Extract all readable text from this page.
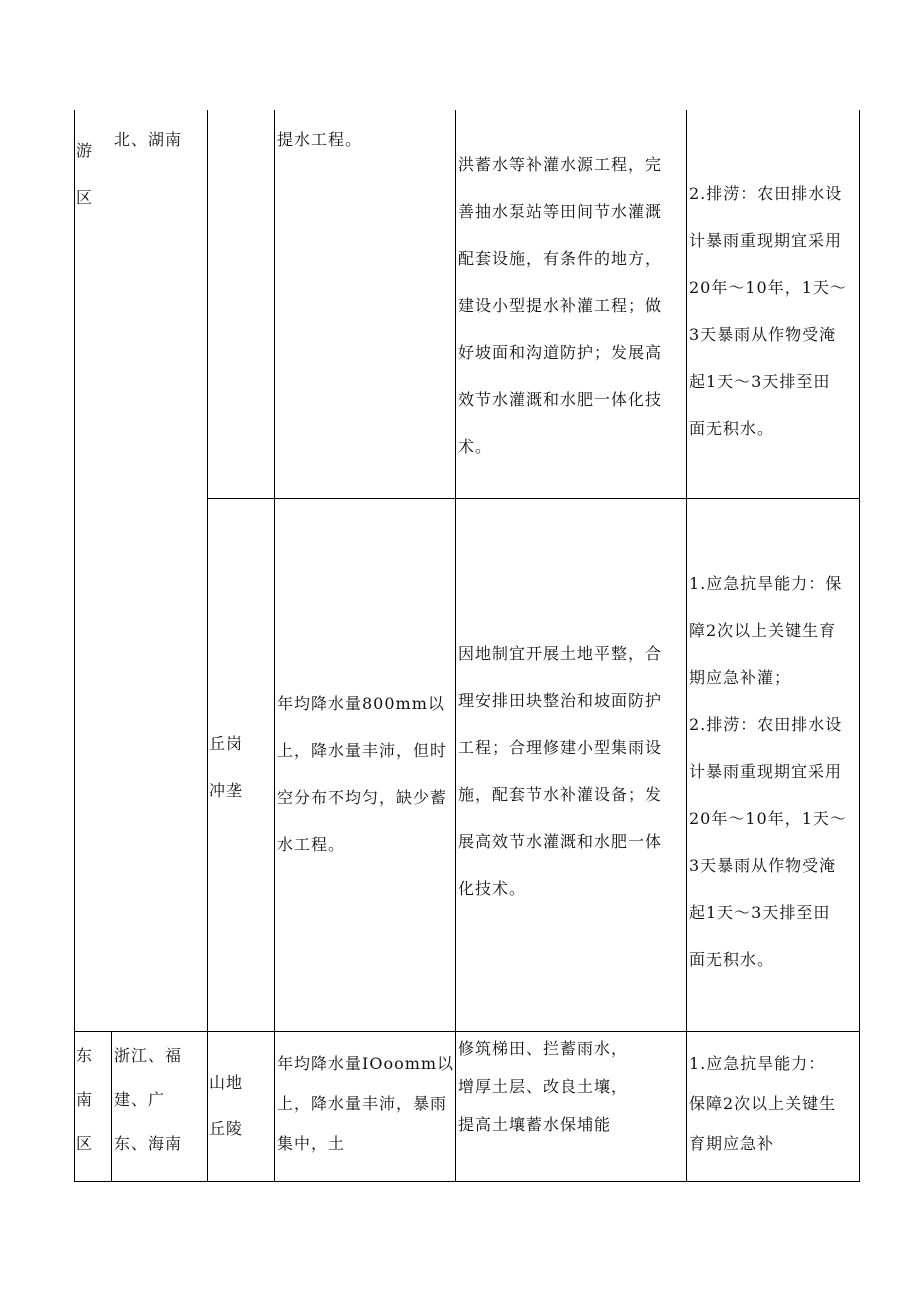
游
区
北、湖南	提水工程。
洪蓄水等补灌水源工程，完
善抽水泵站等田间节水灌溉
配套设施，有条件的地方，
建设小型提水补灌工程；做
好坡面和沟道防护；发展高
效节水灌溉和水肥一体化技
术。
2.排涝：农田排水设
计暴雨重现期宜采用
20年～10年，1天～
3天暴雨从作物受淹
起1天～3天排至田
面无积水。
丘岗
冲垄
年均降水量800mm以
上，降水量丰沛，但时
空分布不均匀，缺少蓄
水工程。
因地制宜开展土地平整，合
理安排田块整治和坡面防护
工程；合理修建小型集雨设
施，配套节水补灌设备；发
展高效节水灌溉和水肥一体
化技术。
1.应急抗旱能力：保
障2次以上关键生育
期应急补灌；
2.排涝：农田排水设
计暴雨重现期宜采用
20年～10年，1天～
3天暴雨从作物受淹
起1天～3天排至田
面无积水。
东
南
区
浙江、福
建、广
东、海南
山地
丘陵
年均降水量IOoomm以
上，降水量丰沛，暴雨
集中，土
修筑梯田、拦蓄雨水，
增厚土层、改良土壤，
提高土壤蓄水保埔能
1.应急抗旱能力：
保障2次以上关键生
育期应急补
